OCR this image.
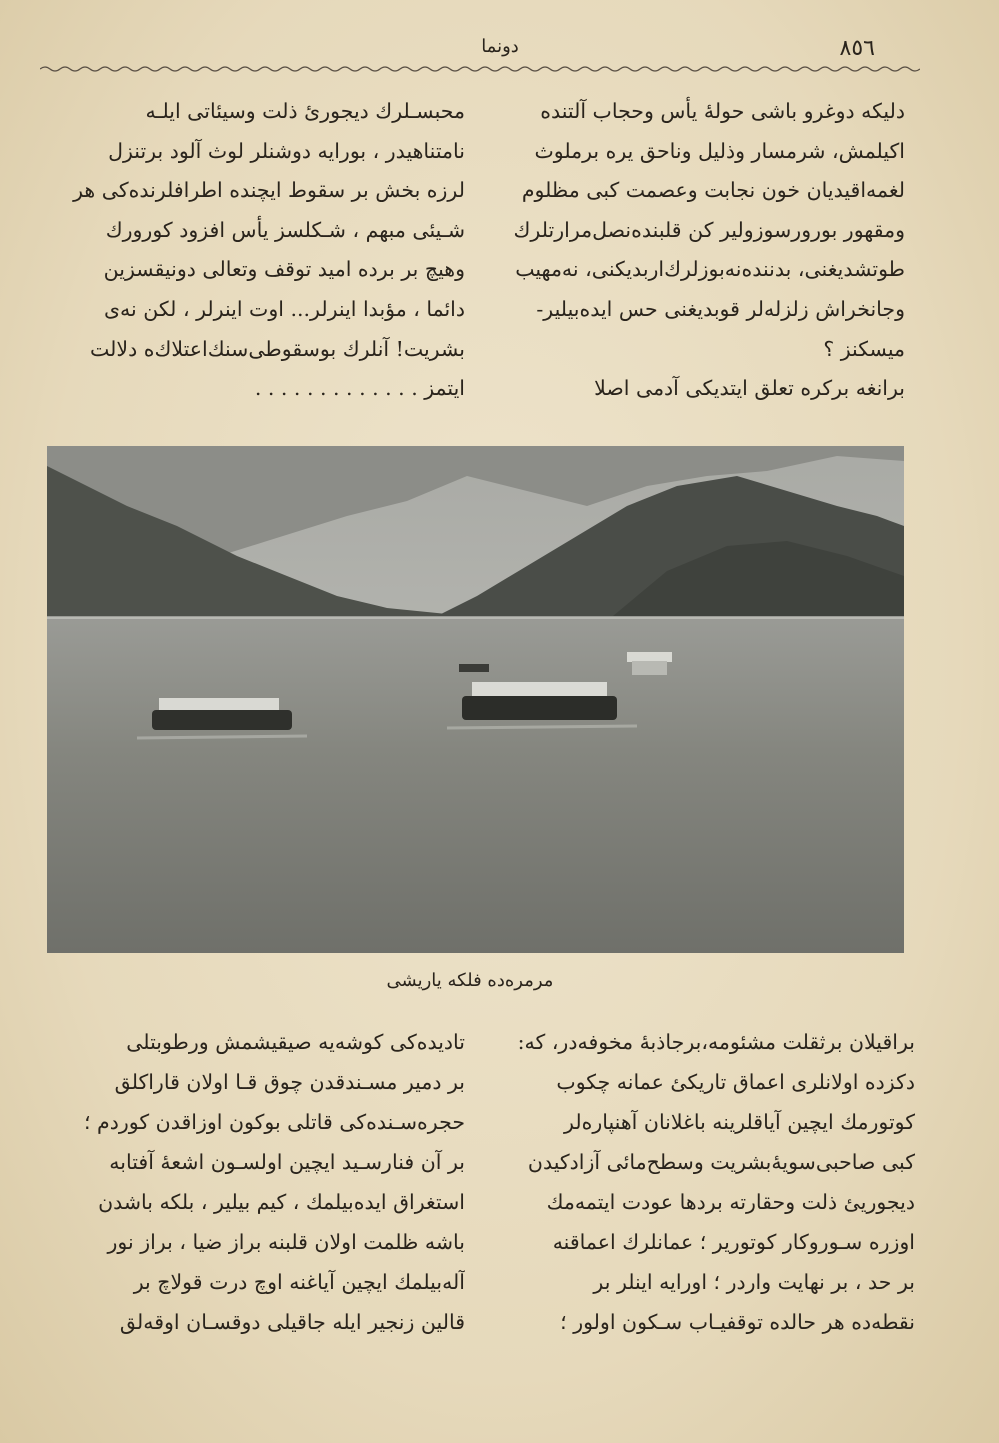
٨٥٦
دونما

دليكه دوغرو باشى حوله‌ٔ يأس وحجاب آلتنده

اكيلمش، شرمسار وذليل وناحق يره‌ برملوث

لغمه‌اقيديان خون نجابت وعصمت كبى مظلوم

ومقهور بورورسوزولير كن قلبنده‌نصل‌مرارتلرك

طوتشديغنى، بدننده‌نه‌بوزلرك‌اربديكنى، نه‌مهيب

وجانخراش زلزله‌لر قوبديغنى حس ايده‌بيلير-

ميسكنز ؟

برانغه بركره تعلق ايتديكى آدمى اصلا

محبسـلرك ديجورئ ذلت وسيئاتى ايلـه

نامتناهيدر ، بورايه دوشنلر لوث آلود برتنزل

لرزه بخش بر سقوط ايچنده اطرافلرنده‌كى هر

شـيئى مبهم ، شـكلسز يأس افزود كورورك

وهيچ بر برده اميد توقف وتعالى دونيقسزين

دائما ، مؤبدا اينرلر... اوت اينرلر ، لكن نه‌ى

بشريت! آنلرك بوسقوطى‌سنك‌اعتلاك‌ه دلالت

ايتمز . . . . . . . . . . . . .

مرمره‌ده فلكه ياريشى

براقيلان برثقلت مشئومه،برجاذبهٔ مخوفه‌در، كه:

دكزده اولانلرى اعماق تاريكئ عمانه چكوب

كوتورمك ايچين آياقلرينه باغلانان آهنپاره‌لر

كبى صاحبى‌سويهٔ‌بشريت وسطح‌مائى آزادكيدن

ديجوريئ ذلت وحقارته بردها عودت ايتمه‌مك

اوزره سـوروكار كوتورير ؛ عمانلرك اعماقنه

بر حد ، بر نهايت واردر ؛ اورايه اينلر بر

نقطه‌ده هر حالده توقفيـاب سـكون اولور ؛

تاديده‌كى كوشه‌يه صيقيشمش ورطوبتلى

بر دمير مسـندقدن چوق قـا اولان قاراكلق

حجره‌سـنده‌كى قاتلى بوكون اوزاقدن كوردم ؛

بر آن فنارسـيد ايچين اولسـون اشعهٔ آفتابه

استغراق ايده‌بيلمك ، كيم بيلير ، بلكه باشدن

باشه ظلمت اولان قلبنه براز ضيا ، براز نور

آله‌بيلمك ايچين آياغنه اوچ درت قولاچ بر

قالين زنجير ايله جاقيلى دوقسـان اوقه‌لق
